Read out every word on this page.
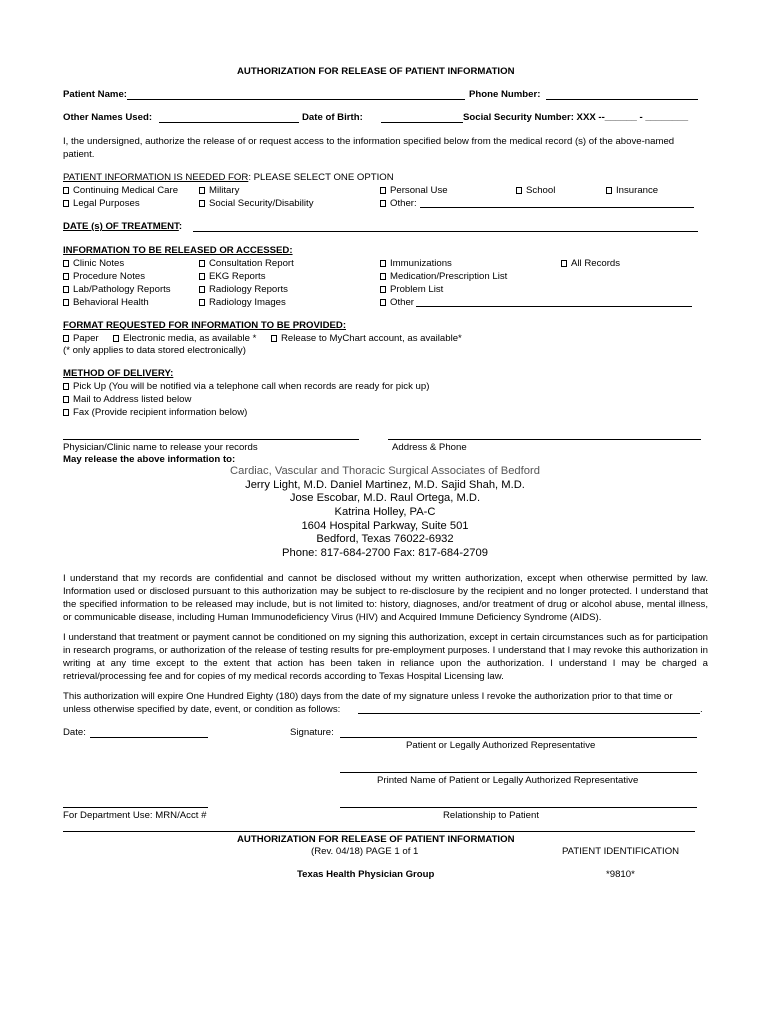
AUTHORIZATION FOR RELEASE OF PATIENT INFORMATION
Patient Name:	Phone Number:
Other Names Used:	Date of Birth:	Social Security Number: XXX --______ - ________
I, the undersigned, authorize the release of or request access to the information specified below from the medical record (s) of the above-named patient.
PATIENT INFORMATION IS NEEDED FOR: PLEASE SELECT ONE OPTION
Continuing Medical Care	Military	Personal Use	School	Insurance
Legal Purposes	Social Security/Disability	Other:
DATE (s) OF TREATMENT:
INFORMATION TO BE RELEASED OR ACCESSED:
Clinic Notes	Consultation Report	Immunizations	All Records
Procedure Notes	EKG Reports	Medication/Prescription List
Lab/Pathology Reports	Radiology Reports	Problem List
Behavioral Health	Radiology Images	Other
FORMAT REQUESTED FOR INFORMATION TO BE PROVIDED:
Paper	Electronic media, as available *	Release to MyChart account, as available*
(* only applies to data stored electronically)
METHOD OF DELIVERY:
Pick Up (You will be notified via a telephone call when records are ready for pick up)
Mail to Address listed below
Fax (Provide recipient information below)
Physician/Clinic name to release your records	Address & Phone
May release the above information to:
Cardiac, Vascular and Thoracic Surgical Associates of Bedford
Jerry Light, M.D. Daniel Martinez, M.D. Sajid Shah, M.D.
Jose Escobar, M.D. Raul Ortega, M.D.
Katrina Holley, PA-C
1604 Hospital Parkway, Suite 501
Bedford, Texas 76022-6932
Phone: 817-684-2700 Fax: 817-684-2709
I understand that my records are confidential and cannot be disclosed without my written authorization, except when otherwise permitted by law. Information used or disclosed pursuant to this authorization may be subject to re-disclosure by the recipient and no longer protected. I understand that the specified information to be released may include, but is not limited to: history, diagnoses, and/or treatment of drug or alcohol abuse, mental illness, or communicable disease, including Human Immunodeficiency Virus (HIV) and Acquired Immune Deficiency Syndrome (AIDS).
I understand that treatment or payment cannot be conditioned on my signing this authorization, except in certain circumstances such as for participation in research programs, or authorization of the release of testing results for pre-employment purposes. I understand that I may revoke this authorization in writing at any time except to the extent that action has been taken in reliance upon the authorization. I understand I may be charged a retrieval/processing fee and for copies of my medical records according to Texas Hospital Licensing law.
This authorization will expire One Hundred Eighty (180) days from the date of my signature unless I revoke the authorization prior to that time or
unless otherwise specified by date, event, or condition as follows:	.
Date:	Signature:
Patient or Legally Authorized Representative
Printed Name of Patient or Legally Authorized Representative
For Department Use: MRN/Acct #	Relationship to Patient
AUTHORIZATION FOR RELEASE OF PATIENT INFORMATION
(Rev. 04/18) PAGE 1 of 1	PATIENT IDENTIFICATION
Texas Health Physician Group	*9810*
